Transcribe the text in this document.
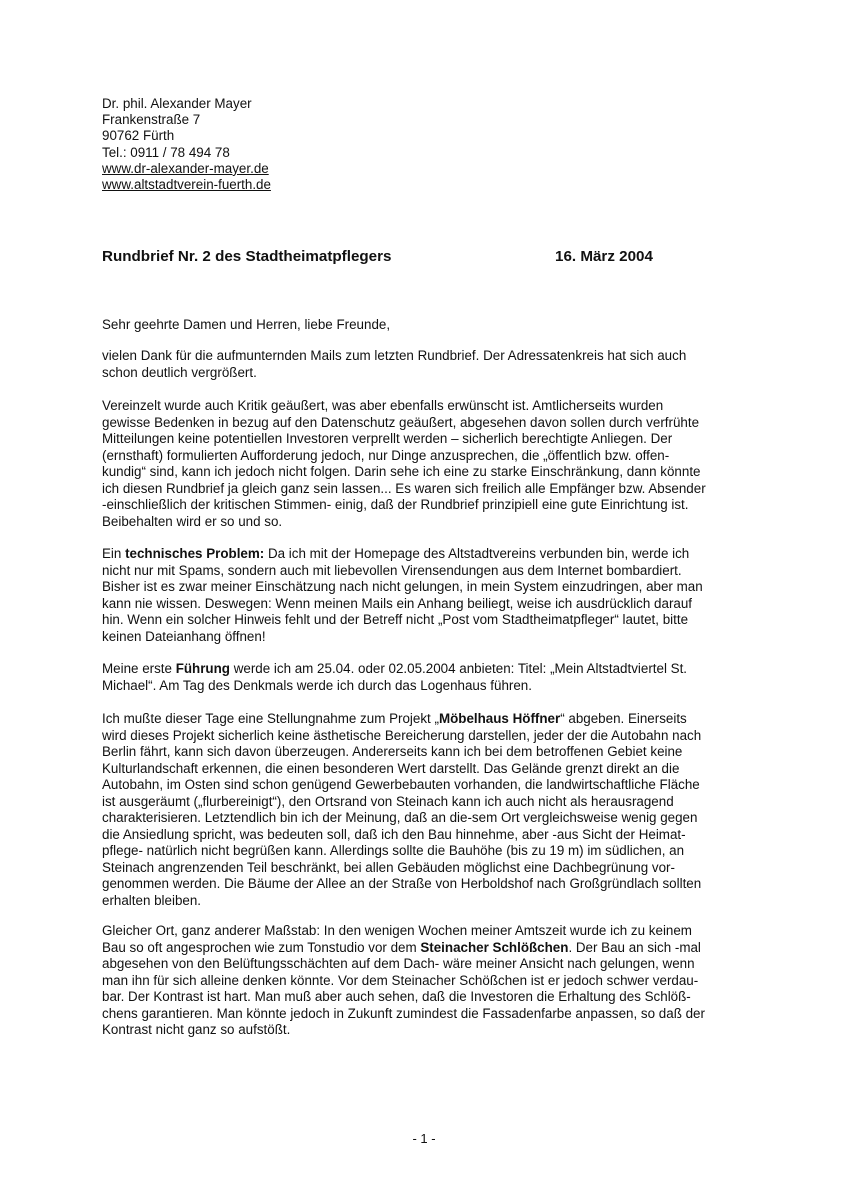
Dr. phil. Alexander Mayer
Frankenstraße 7
90762 Fürth
Tel.: 0911 / 78 494 78
www.dr-alexander-mayer.de
www.altstadtverein-fuerth.de
Rundbrief Nr. 2 des Stadtheimatpflegers	16. März 2004
Sehr geehrte Damen und Herren, liebe Freunde,
vielen Dank für die aufmunternden Mails zum letzten Rundbrief. Der Adressatenkreis hat sich auch
schon deutlich vergrößert.
Vereinzelt wurde auch Kritik geäußert, was aber ebenfalls erwünscht ist. Amtlicherseits wurden
gewisse Bedenken in bezug auf den Datenschutz geäußert, abgesehen davon sollen durch verfrühte
Mitteilungen keine potentiellen Investoren verprellt werden – sicherlich berechtigte Anliegen. Der
(ernsthaft) formulierten Aufforderung jedoch, nur Dinge anzusprechen, die „öffentlich bzw. offen-
kundig“ sind, kann ich jedoch nicht folgen. Darin sehe ich eine zu starke Einschränkung, dann könnte
ich diesen Rundbrief ja gleich ganz sein lassen... Es waren sich freilich alle Empfänger bzw. Absender
-einschließlich der kritischen Stimmen- einig, daß der Rundbrief prinzipiell eine gute Einrichtung ist.
Beibehalten wird er so und so.
Ein technisches Problem: Da ich mit der Homepage des Altstadtvereins verbunden bin, werde ich
nicht nur mit Spams, sondern auch mit liebevollen Virensendungen aus dem Internet bombardiert.
Bisher ist es zwar meiner Einschätzung nach nicht gelungen, in mein System einzudringen, aber man
kann nie wissen. Deswegen: Wenn meinen Mails ein Anhang beiliegt, weise ich ausdrücklich darauf
hin. Wenn ein solcher Hinweis fehlt und der Betreff nicht „Post vom Stadtheimatpfleger“ lautet, bitte
keinen Dateianhang öffnen!
Meine erste Führung werde ich am 25.04. oder 02.05.2004 anbieten: Titel: „Mein Altstadtviertel St.
Michael“. Am Tag des Denkmals werde ich durch das Logenhaus führen.
Ich mußte dieser Tage eine Stellungnahme zum Projekt „Möbelhaus Höffner“ abgeben. Einerseits
wird dieses Projekt sicherlich keine ästhetische Bereicherung darstellen, jeder der die Autobahn nach
Berlin fährt, kann sich davon überzeugen. Andererseits kann ich bei dem betroffenen Gebiet keine
Kulturlandschaft erkennen, die einen besonderen Wert darstellt. Das Gelände grenzt direkt an die
Autobahn, im Osten sind schon genügend Gewerbebauten vorhanden, die landwirtschaftliche Fläche
ist ausgeräumt („flurbereinigt“), den Ortsrand von Steinach kann ich auch nicht als herausragend
charakterisieren. Letztendlich bin ich der Meinung, daß an die-sem Ort vergleichsweise wenig gegen
die Ansiedlung spricht, was bedeuten soll, daß ich den Bau hinnehme, aber -aus Sicht der Heimat-
pflege- natürlich nicht begrüßen kann. Allerdings sollte die Bauhöhe (bis zu 19 m) im südlichen, an
Steinach angrenzenden Teil beschränkt, bei allen Gebäuden möglichst eine Dachbegrünung vor-
genommen werden. Die Bäume der Allee an der Straße von Herboldshof nach Großgründlach sollten
erhalten bleiben.
Gleicher Ort, ganz anderer Maßstab: In den wenigen Wochen meiner Amtszeit wurde ich zu keinem
Bau so oft angesprochen wie zum Tonstudio vor dem Steinacher Schlößchen. Der Bau an sich -mal
abgesehen von den Belüftungsschächten auf dem Dach- wäre meiner Ansicht nach gelungen, wenn
man ihn für sich alleine denken könnte. Vor dem Steinacher Schößchen ist er jedoch schwer verdau-
bar. Der Kontrast ist hart. Man muß aber auch sehen, daß die Investoren die Erhaltung des Schlöß-
chens garantieren. Man könnte jedoch in Zukunft zumindest die Fassadenfarbe anpassen, so daß der
Kontrast nicht ganz so aufstößt.
- 1 -
